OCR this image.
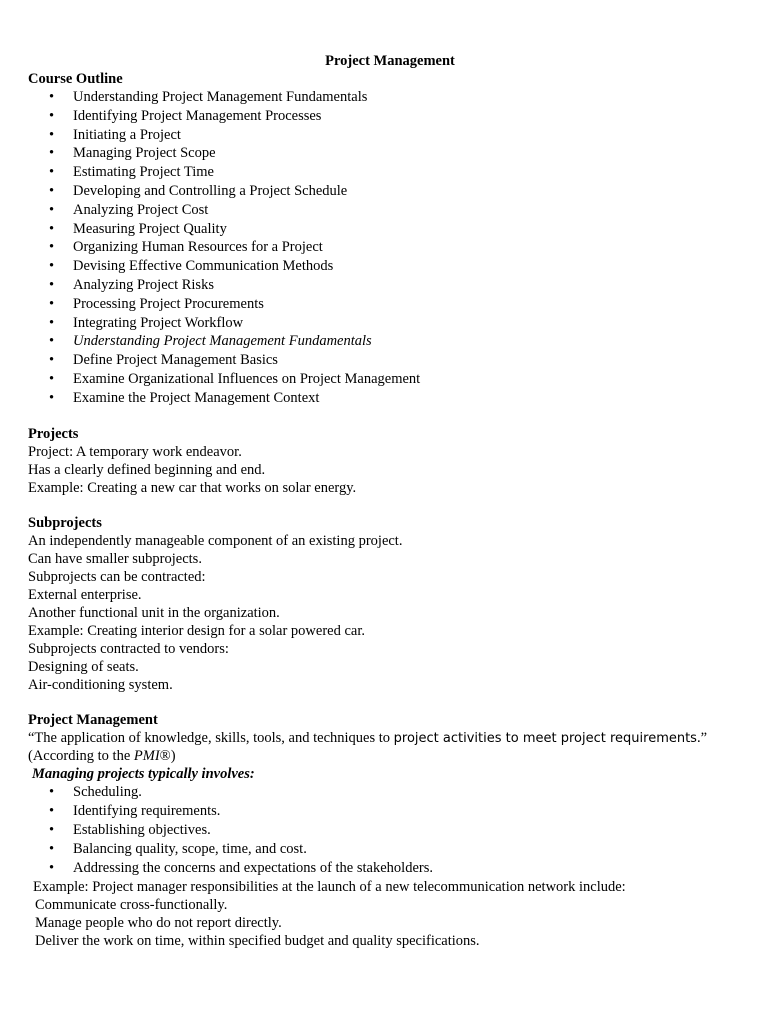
Project Management

Course Outline

• Understanding Project Management Fundamentals
• Identifying Project Management Processes
• Initiating a Project
• Managing Project Scope
• Estimating Project Time
• Developing and Controlling a Project Schedule
• Analyzing Project Cost
• Measuring Project Quality
• Organizing Human Resources for a Project
• Devising Effective Communication Methods
• Analyzing Project Risks
• Processing Project Procurements
• Integrating Project Workflow
• Understanding Project Management Fundamentals
• Define Project Management Basics
• Examine Organizational Influences on Project Management
• Examine the Project Management Context

Projects

Project: A temporary work endeavor.

Has a clearly defined beginning and end.

Example: Creating a new car that works on solar energy.

Subprojects

An independently manageable component of an existing project.

Can have smaller subprojects.

Subprojects can be contracted:

External enterprise.

Another functional unit in the organization.

Example: Creating interior design for a solar powered car.

Subprojects contracted to vendors:

Designing of seats.

Air-conditioning system.

Project Management

“The application of knowledge, skills, tools, and techniques to project activities to meet project requirements.”

(According to the PMI®)

Managing projects typically involves:

• Scheduling.
• Identifying requirements.
• Establishing objectives.
• Balancing quality, scope, time, and cost.
• Addressing the concerns and expectations of the stakeholders.

Example: Project manager responsibilities at the launch of a new telecommunication network include:

Communicate cross-functionally.

Manage people who do not report directly.

Deliver the work on time, within specified budget and quality specifications.
